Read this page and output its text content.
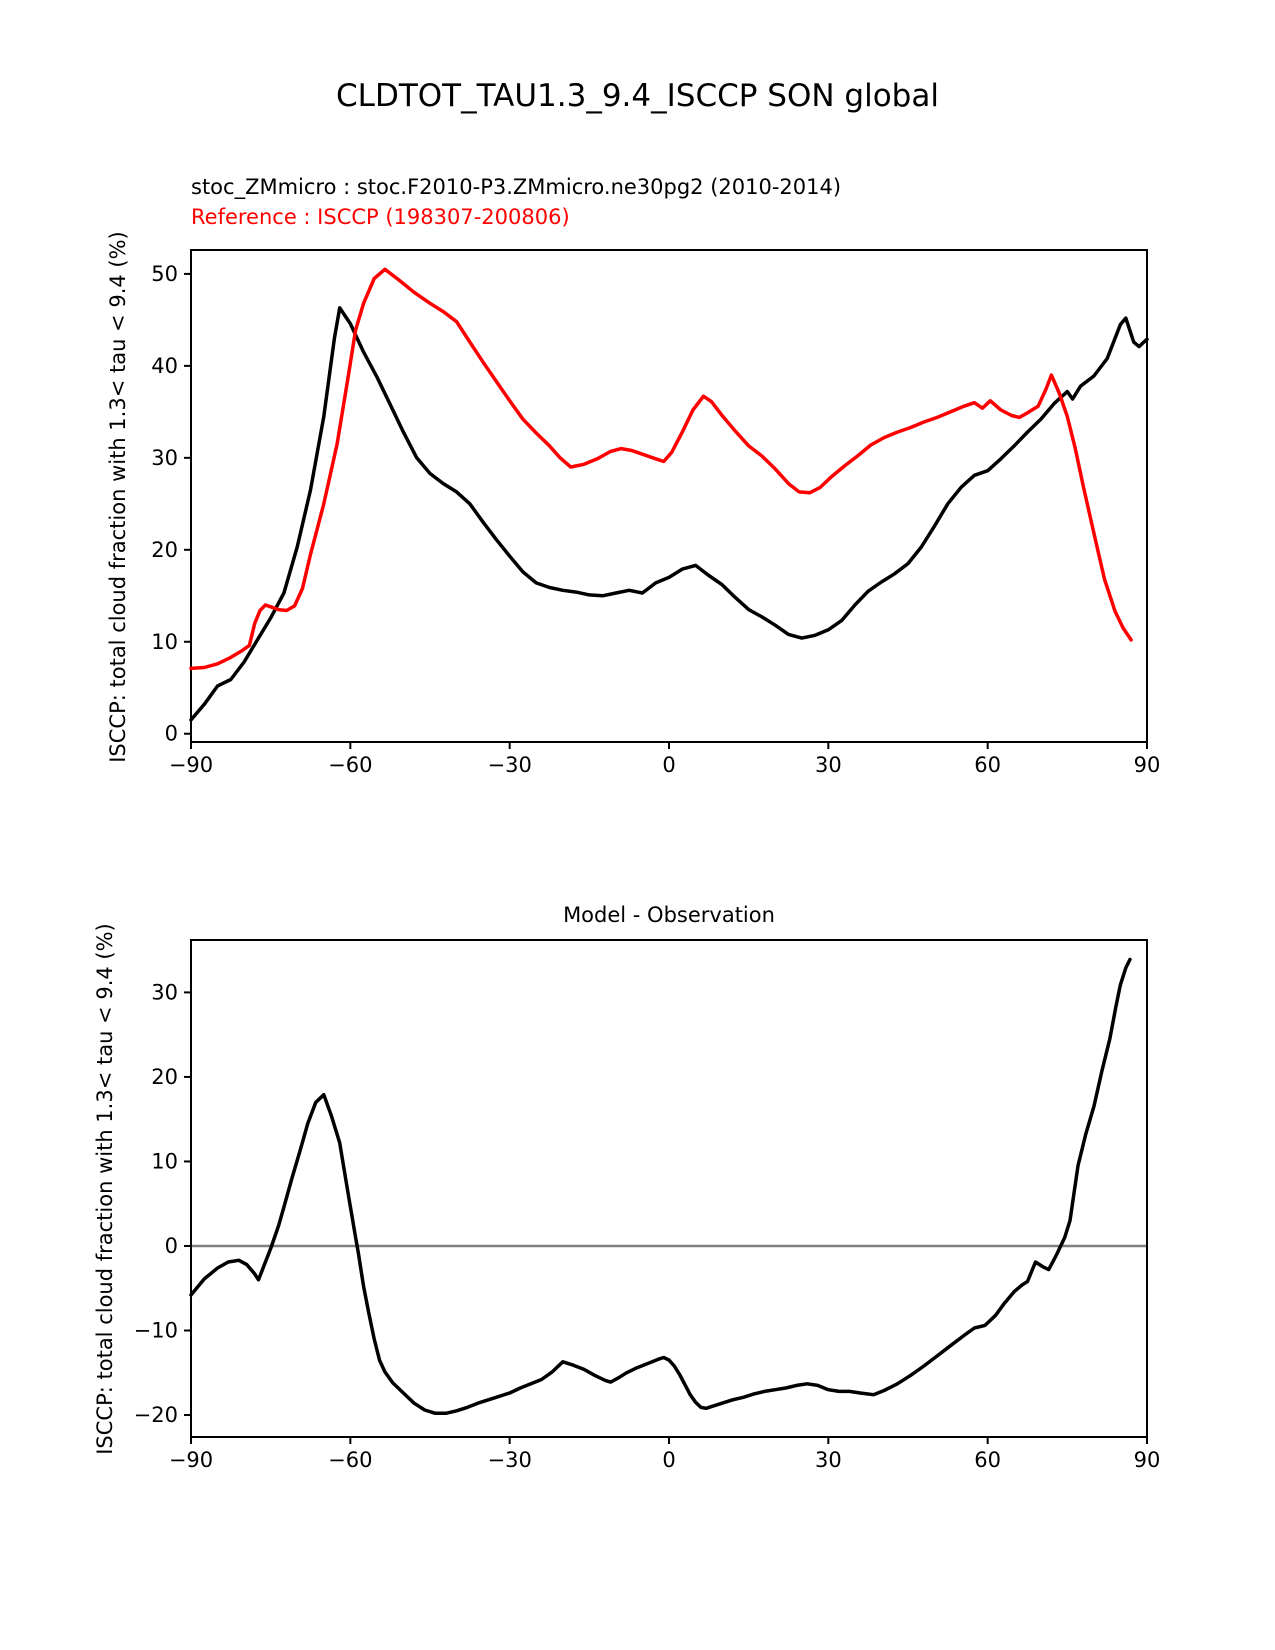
CLDTOT_TAU1.3_9.4_ISCCP SON global
stoc_ZMmicro : stoc.F2010-P3.ZMmicro.ne30pg2 (2010-2014)
Reference : ISCCP (198307-200806)
ISCCP: total cloud fraction with 1.3< tau < 9.4 (%)
Model - Observation
ISCCP: total cloud fraction with 1.3< tau < 9.4 (%)
−90	−60	−30	0	30	60	90
0
10
20
30
40
50
−90	−60	−30	0	30	60	90
30
20
10
0
−10
−20
